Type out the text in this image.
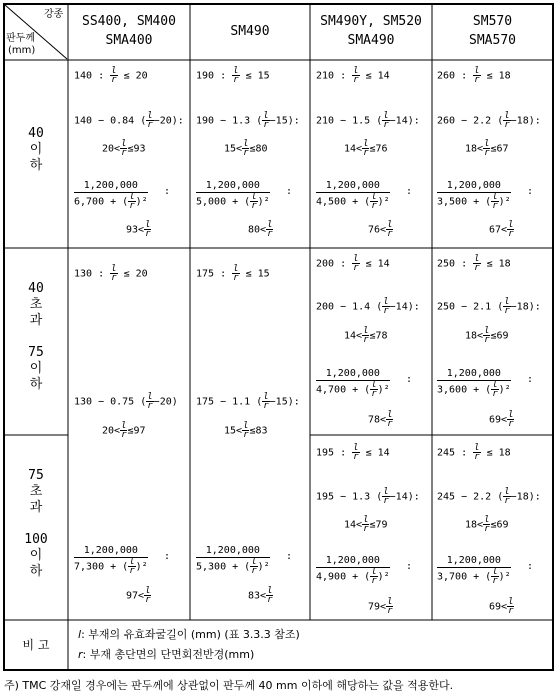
강종
판두께
(mm)
SS400, SM400
SMA400
SM490
SM490Y, SM520
SMA490
SM570
SMA570
40
이
하
40
초
과
75
이
하
75
초
과
100
이
하
140 : $\frac{l}{r} \le 20$
140 − 0.84 ( $\frac{l}{r} -20$):
$20< \frac{l}{r} \le 93$
1,200,000
6,700 + ( $\frac{l}{r} )^2$
:
$93< \frac{l}{r}$
190 : $\frac{l}{r} \le 15$
190 − 1.3 ( $\frac{l}{r} -15$):
$15< \frac{l}{r} \le 80$
1,200,000
5,000 + ( $\frac{l}{r} )^2$
:
$80< \frac{l}{r}$
210 : $\frac{l}{r} \le 14$
210 − 1.5 ( $\frac{l}{r} -14$):
$14< \frac{l}{r} \le 76$
1,200,000
4,500 + ( $\frac{l}{r} )^2$
:
$76< \frac{l}{r}$
260 : $\frac{l}{r} \le 18$
260 − 2.2 ( $\frac{l}{r} -18$):
$18< \frac{l}{r} \le 67$
1,200,000
3,500 + ( $\frac{l}{r} )^2$
:
$67< \frac{l}{r}$
130 : $\frac{l}{r} \le 20$
130 − 0.75 ( $\frac{l}{r} -20$)
$20< \frac{l}{r} \le 97$
1,200,000
7,300 + ( $\frac{l}{r} )^2$
:
$97< \frac{l}{r}$
175 : $\frac{l}{r} \le 15$
175 − 1.1 ( $\frac{l}{r} -15$):
$15< \frac{l}{r} \le 83$
1,200,000
5,300 + ( $\frac{l}{r} )^2$
:
$83< \frac{l}{r}$
200 : $\frac{l}{r} \le 14$
200 − 1.4 ( $\frac{l}{r} -14$):
$14< \frac{l}{r} \le 78$
1,200,000
4,700 + ( $\frac{l}{r} )^2$
:
$78< \frac{l}{r}$
250 : $\frac{l}{r} \le 18$
250 − 2.1 ( $\frac{l}{r} -18$):
$18< \frac{l}{r} \le 69$
1,200,000
3,600 + ( $\frac{l}{r} )^2$
:
$69< \frac{l}{r}$
195 : $\frac{l}{r} \le 14$
195 − 1.3 ( $\frac{l}{r} -14$):
$14< \frac{l}{r} \le 79$
1,200,000
4,900 + ( $\frac{l}{r} )^2$
:
$79< \frac{l}{r}$
245 : $\frac{l}{r} \le 18$
245 − 2.2 ( $\frac{l}{r} -18$):
$18< \frac{l}{r} \le 69$
1,200,000
3,700 + ( $\frac{l}{r} )^2$
:
$69< \frac{l}{r}$
비 고
l: 부재의 유효좌굴길이 (mm) (표 3.3.3 참조)
r: 부재 총단면의 단면회전반경(mm)
주) TMC 강재일 경우에는 판두께에 상관없이 판두께 40 mm 이하에 해당하는 값을 적용한다.
